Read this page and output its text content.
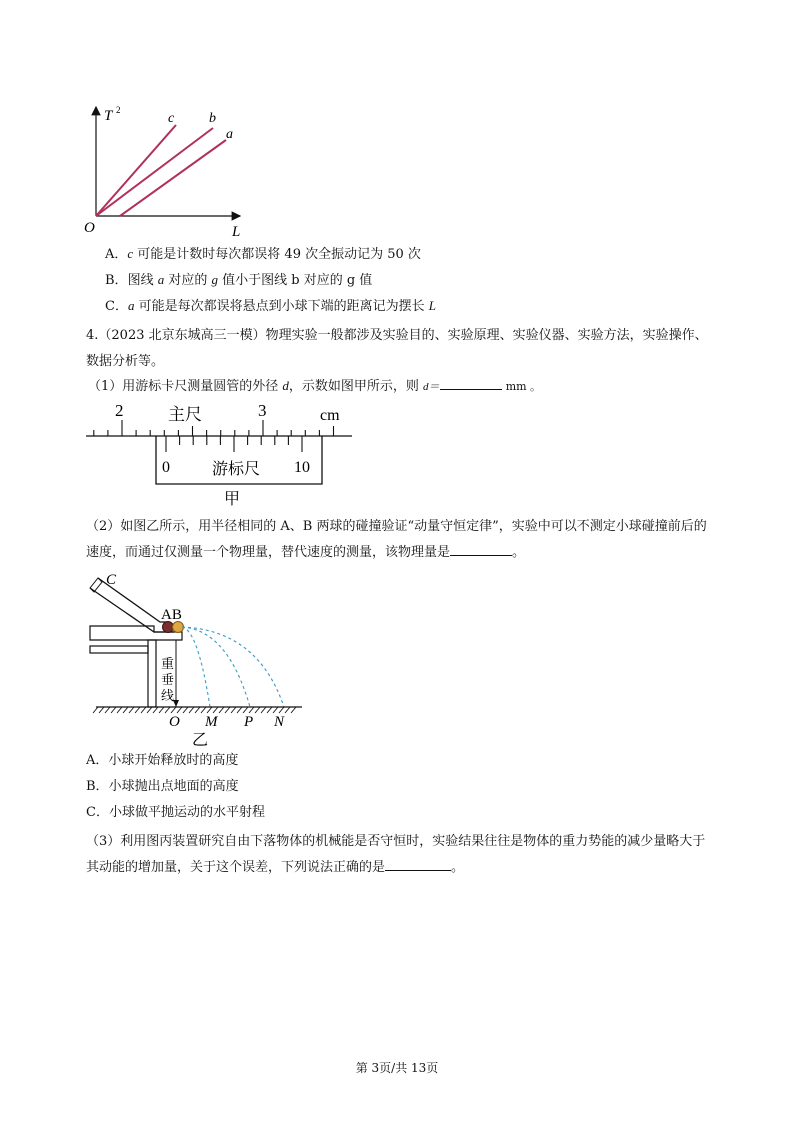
T 2
L
O
c b
a
A．c 可能是计数时每次都误将 49 次全振动记为 50 次
B．图线 a 对应的 g 值小于图线 b 对应的 g 值
C．a 可能是每次都误将悬点到小球下端的距离记为摆长 L
4.（2023 北京东城高三一模）物理实验一般都涉及实验目的、实验原理、实验仪器、实验方法，实验操作、数据分析等。
（1）用游标卡尺测量圆管的外径 d，示数如图甲所示，则 d＝	mm 。
2	主尺	3	cm
0	游标尺 10
甲
（2）如图乙所示，用半径相同的 A、B 两球的碰撞验证“动量守恒定律”，实验中可以不测定小球碰撞前后的速度，而通过仅测量一个物理量，替代速度的测量，该物理量是	。
C
重
垂
线
AB
O M P N
乙
A．小球开始释放时的高度
B．小球抛出点地面的高度
C．小球做平抛运动的水平射程
（3）利用图丙装置研究自由下落物体的机械能是否守恒时，实验结果往往是物体的重力势能的减少量略大于其动能的增加量，关于这个误差，下列说法正确的是	。
第 3页/共 13页
